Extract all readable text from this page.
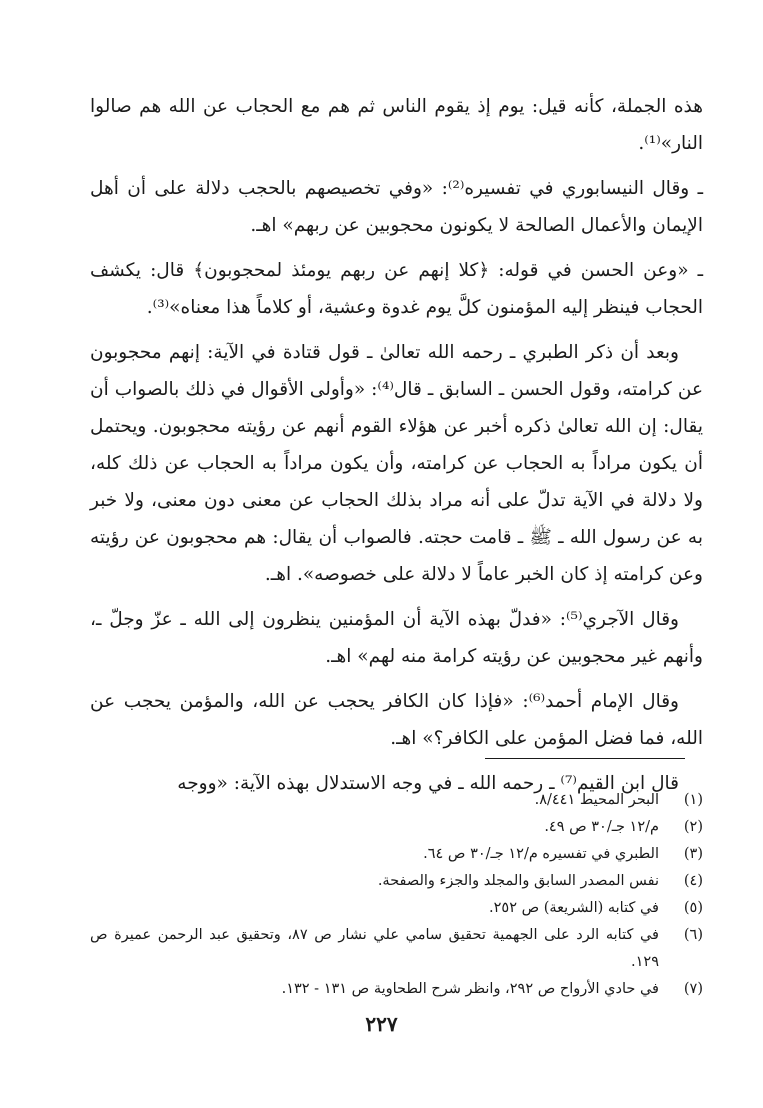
هذه الجملة، كأنه قيل: يوم إذ يقوم الناس ثم هم مع الحجاب عن الله هم صالوا النار»⁽¹⁾.

ـ وقال النيسابوري في تفسيره⁽²⁾: «وفي تخصيصهم بالحجب دلالة على أن أهل الإيمان والأعمال الصالحة لا يكونون محجوبين عن ربهم» اهـ.

ـ «وعن الحسن في قوله: ﴿كلا إنهم عن ربهم يومئذ لمحجوبون﴾ قال: يكشف الحجاب فينظر إليه المؤمنون كلَّ يوم غدوة وعشية، أو كلاماً هذا معناه»⁽³⁾.

وبعد أن ذكر الطبري ـ رحمه الله تعالىٰ ـ قول قتادة في الآية: إنهم محجوبون عن كرامته، وقول الحسن ـ السابق ـ قال⁽⁴⁾: «وأولى الأقوال في ذلك بالصواب أن يقال: إن الله تعالىٰ ذكره أخبر عن هؤلاء القوم أنهم عن رؤيته محجوبون. ويحتمل أن يكون مراداً به الحجاب عن كرامته، وأن يكون مراداً به الحجاب عن ذلك كله، ولا دلالة في الآية تدلّ على أنه مراد بذلك الحجاب عن معنى دون معنى، ولا خبر به عن رسول الله ـ ﷺ ـ قامت حجته. فالصواب أن يقال: هم محجوبون عن رؤيته وعن كرامته إذ كان الخبر عاماً لا دلالة على خصوصه». اهـ.

وقال الآجري⁽⁵⁾: «فدلّ بهذه الآية أن المؤمنين ينظرون إلى الله ـ عزّ وجلّ ـ، وأنهم غير محجوبين عن رؤيته كرامة منه لهم» اهـ.

وقال الإمام أحمد⁽⁶⁾: «فإذا كان الكافر يحجب عن الله، والمؤمن يحجب عن الله، فما فضل المؤمن على الكافر؟» اهـ.

قال ابن القيم⁽⁷⁾ ـ رحمه الله ـ في وجه الاستدلال بهذه الآية: «ووجه

(١)
البحر المحيط ٨/٤٤١.
(٢)
م/١٢ جـ/٣٠ ص ٤٩.
(٣)
الطبري في تفسيره م/١٢ جـ/٣٠ ص ٦٤.
(٤)
نفس المصدر السابق والمجلد والجزء والصفحة.
(٥)
في كتابه (الشريعة) ص ٢٥٢.
(٦)
في كتابه الرد على الجهمية تحقيق سامي علي نشار ص ٨٧، وتحقيق عبد الرحمن عميرة ص ١٢٩.
(٧)
في حادي الأرواح ص ٢٩٢، وانظر شرح الطحاوية ص ١٣١ - ١٣٢.
٢٢٧
